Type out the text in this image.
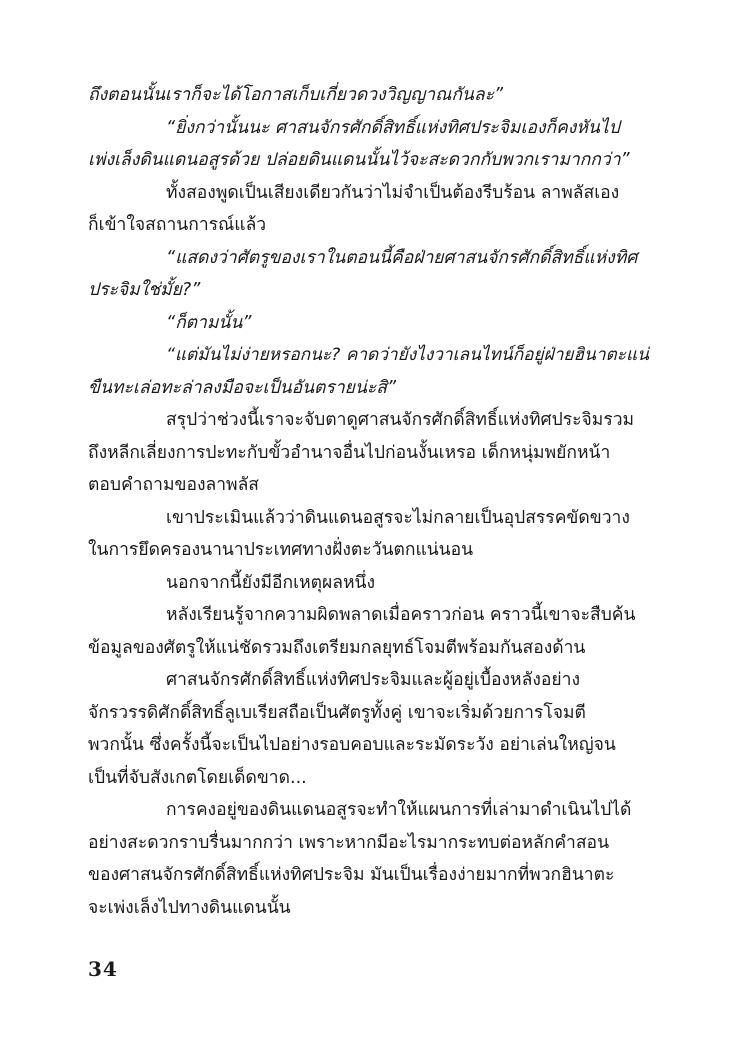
ถึงตอนนั้นเราก็จะได้โอกาสเก็บเกี่ยวดวงวิญญาณกันละ”
“ยิ่งกว่านั้นนะ ศาสนจักรศักดิ์สิทธิ์แห่งทิศประจิมเองก็คงหันไป
เพ่งเล็งดินแดนอสูรด้วย ปล่อยดินแดนนั้นไว้จะสะดวกกับพวกเรามากกว่า”
ทั้งสองพูดเป็นเสียงเดียวกันว่าไม่จำเป็นต้องรีบร้อน ลาพลัสเอง
ก็เข้าใจสถานการณ์แล้ว
“แสดงว่าศัตรูของเราในตอนนี้คือฝ่ายศาสนจักรศักดิ์สิทธิ์แห่งทิศ
ประจิมใช่มั้ย?”
“ก็ตามนั้น”
“แต่มันไม่ง่ายหรอกนะ? คาดว่ายังไงวาเลนไทน์ก็อยู่ฝ่ายฮินาตะแน่
ขืนทะเล่อทะล่าลงมือจะเป็นอันตรายน่ะสิ”
สรุปว่าช่วงนี้เราจะจับตาดูศาสนจักรศักดิ์สิทธิ์แห่งทิศประจิมรวม
ถึงหลีกเลี่ยงการปะทะกับขั้วอำนาจอื่นไปก่อนงั้นเหรอ เด็กหนุ่มพยักหน้า
ตอบคำถามของลาพลัส
เขาประเมินแล้วว่าดินแดนอสูรจะไม่กลายเป็นอุปสรรคขัดขวาง
ในการยึดครองนานาประเทศทางฝั่งตะวันตกแน่นอน
นอกจากนี้ยังมีอีกเหตุผลหนึ่ง
หลังเรียนรู้จากความผิดพลาดเมื่อคราวก่อน คราวนี้เขาจะสืบค้น
ข้อมูลของศัตรูให้แน่ชัดรวมถึงเตรียมกลยุทธ์โจมตีพร้อมกันสองด้าน
ศาสนจักรศักดิ์สิทธิ์แห่งทิศประจิมและผู้อยู่เบื้องหลังอย่าง
จักรวรรดิศักดิ์สิทธิ์ลูเบเรียสถือเป็นศัตรูทั้งคู่ เขาจะเริ่มด้วยการโจมตี
พวกนั้น ซึ่งครั้งนี้จะเป็นไปอย่างรอบคอบและระมัดระวัง อย่าเล่นใหญ่จน
เป็นที่จับสังเกตโดยเด็ดขาด...
การคงอยู่ของดินแดนอสูรจะทำให้แผนการที่เล่ามาดำเนินไปได้
อย่างสะดวกราบรื่นมากกว่า เพราะหากมีอะไรมากระทบต่อหลักคำสอน
ของศาสนจักรศักดิ์สิทธิ์แห่งทิศประจิม มันเป็นเรื่องง่ายมากที่พวกฮินาตะ
จะเพ่งเล็งไปทางดินแดนนั้น
34
